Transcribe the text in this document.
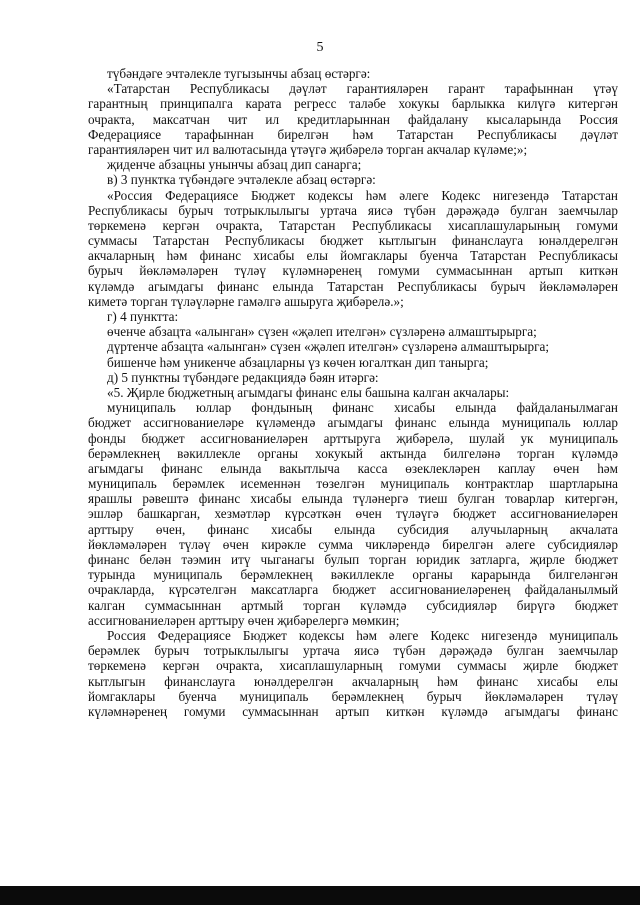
5
түбәндәге эчтәлекле тугызынчы абзац өстәргә:
«Татарстан Республикасы дәүләт гарантияләрен гарант тарафыннан үтәү
гарантның принципалга карата регресс таләбе хокукы барлыкка килүгә китергән
очракта, максатчан чит ил кредитларыннан файдалану кысаларында Россия
Федерациясе тарафыннан бирелгән һәм Татарстан Республикасы дәүләт
гарантияләрен чит ил валютасында үтәүгә җибәрелә торган акчалар күләме;»;
җиденче абзацны унынчы абзац дип санарга;
в) 3 пунктка түбәндәге эчтәлекле абзац өстәргә:
«Россия Федерациясе Бюджет кодексы һәм әлеге Кодекс нигезендә Татарстан
Республикасы бурыч тотрыклылыгы уртача яисә түбән дәрәҗәдә булган заемчылар
төркеменә кергән очракта, Татарстан Республикасы хисаплашуларының гомуми
суммасы Татарстан Республикасы бюджет кытлыгын финанслауга юнәлдерелгән
акчаларның һәм финанс хисабы елы йомгаклары буенча Татарстан Республикасы
бурыч йөкләмәләрен түләү күләмнәренең гомуми суммасыннан артып киткән
күләмдә агымдагы финанс елында Татарстан Республикасы бурыч йөкләмәләрен
киметә торган түләүләрне гамәлгә ашыруга җибәрелә.»;
г) 4 пунктта:
өченче абзацта «алынган» сүзен «җәлеп ителгән» сүзләренә алмаштырырга;
дүртенче абзацта «алынган» сүзен «җәлеп ителгән» сүзләренә алмаштырырга;
бишенче һәм уникенче абзацларны үз көчен югалткан дип танырга;
д) 5 пунктны түбәндәге редакциядә бәян итәргә:
«5. Җирле бюджетның агымдагы финанс елы башына калган акчалары:
муниципаль юллар фондының финанс хисабы елында файдаланылмаган
бюджет ассигнованиеләре күләмендә агымдагы финанс елында муниципаль юллар
фонды бюджет ассигнованиеләрен арттыруга җибәрелә, шулай ук муниципаль
берәмлекнең вәкиллекле органы хокукый актында билгеләнә торган күләмдә
агымдагы финанс елында вакытлыча касса өзеклекләрен каплау өчен һәм
муниципаль берәмлек исеменнән төзелгән муниципаль контрактлар шартларына
ярашлы рәвештә финанс хисабы елында түләнергә тиеш булган товарлар китергән,
эшләр башкарган, хезмәтләр күрсәткән өчен түләүгә бюджет ассигнованиеләрен
арттыру өчен, финанс хисабы елында субсидия алучыларның акчалата
йөкләмәләрен түләү өчен кирәкле сумма чикләрендә бирелгән әлеге субсидияләр
финанс белән тәэмин итү чыганагы булып торган юридик затларга, җирле бюджет
турында муниципаль берәмлекнең вәкиллекле органы карарында билгеләнгән
очракларда, күрсәтелгән максатларга бюджет ассигнованиеләренең файдаланылмый
калган суммасыннан артмый торган күләмдә субсидияләр бирүгә бюджет
ассигнованиеләрен арттыру өчен җибәрелергә мөмкин;
Россия Федерациясе Бюджет кодексы һәм әлеге Кодекс нигезендә муниципаль
берәмлек бурыч тотрыклылыгы уртача яисә түбән дәрәҗәдә булган заемчылар
төркеменә кергән очракта, хисаплашуларның гомуми суммасы җирле бюджет
кытлыгын финанслауга юнәлдерелгән акчаларның һәм финанс хисабы елы
йомгаклары буенча муниципаль берәмлекнең бурыч йөкләмәләрен түләү
күләмнәренең гомуми суммасыннан артып киткән күләмдә агымдагы финанс
